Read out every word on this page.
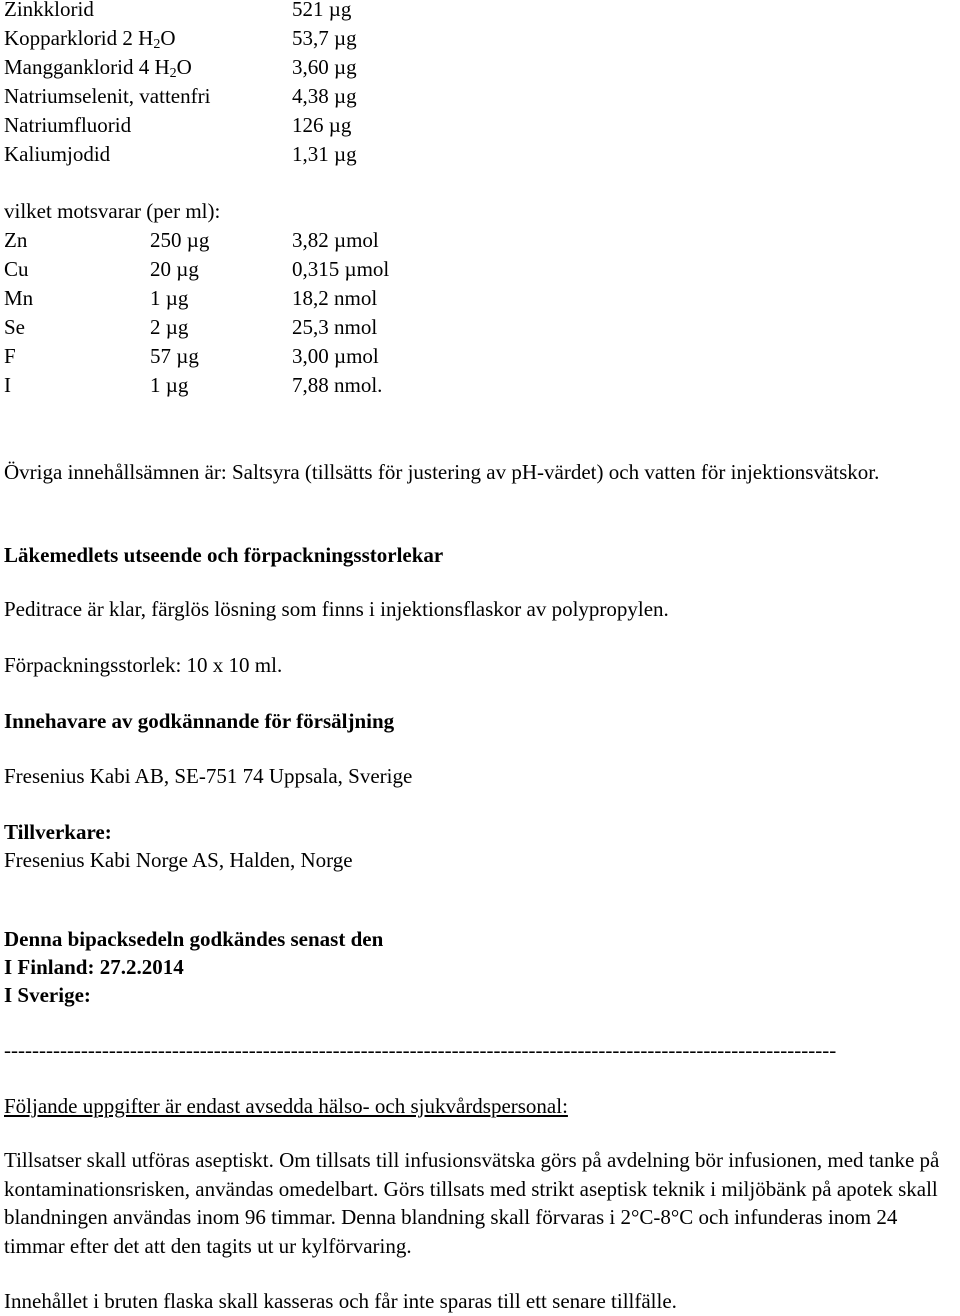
Zinkklorid	521 µg
Kopparklorid 2 $H_2O$	53,7 µg
Mangganklorid 4 $H_2O$	3,60 µg
Natriumselenit, vattenfri	4,38 µg
Natriumfluorid	126 µg
Kaliumjodid	1,31 µg
vilket motsvarar (per ml):
Zn	250 µg	3,82 µmol
Cu	20 µg	0,315 µmol
Mn	1 µg	18,2 nmol
Se	2 µg	25,3 nmol
F	57 µg	3,00 µmol
I	1 µg	7,88 nmol.
Övriga innehållsämnen är: Saltsyra (tillsätts för justering av pH-värdet) och vatten för injektionsvätskor.
Läkemedlets utseende och förpackningsstorlekar
Peditrace är klar, färglös lösning som finns i injektionsflaskor av polypropylen.
Förpackningsstorlek: 10 x 10 ml.
Innehavare av godkännande för försäljning
Fresenius Kabi AB, SE-751 74 Uppsala, Sverige
Tillverkare:
Fresenius Kabi Norge AS, Halden, Norge
Denna bipacksedeln godkändes senast den
I Finland: 27.2.2014
I Sverige:
-----------------------------------------------------------------------------------------------------------------------
Följande uppgifter är endast avsedda hälso- och sjukvårdspersonal:
Tillsatser skall utföras aseptiskt. Om tillsats till infusionsvätska görs på avdelning bör infusionen, med tanke på kontaminationsrisken, användas omedelbart. Görs tillsats med strikt aseptisk teknik i miljöbänk på apotek skall blandningen användas inom 96 timmar. Denna blandning skall förvaras i 2°C-8°C och infunderas inom 24 timmar efter det att den tagits ut ur kylförvaring.
Innehållet i bruten flaska skall kasseras och får inte sparas till ett senare tillfälle.
